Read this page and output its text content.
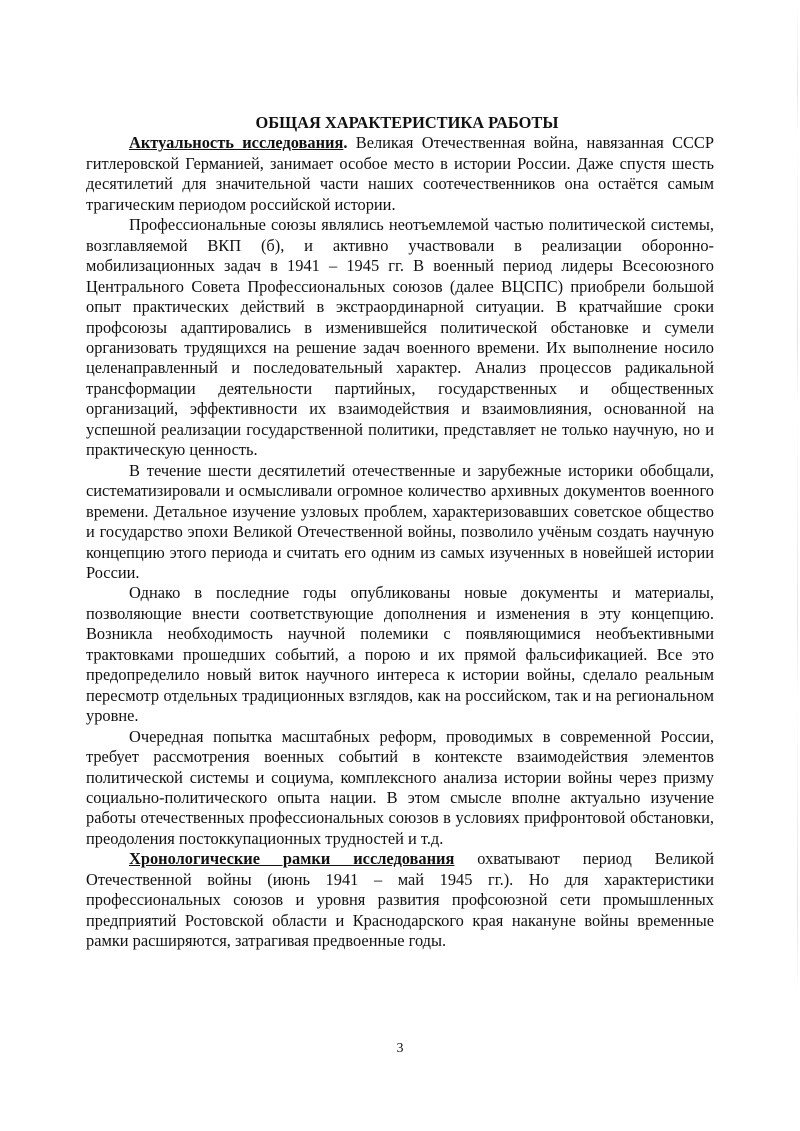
ОБЩАЯ ХАРАКТЕРИСТИКА РАБОТЫ

Актуальность исследования. Великая Отечественная война, навязанная СССР гитлеровской Германией, занимает особое место в истории России. Даже спустя шесть десятилетий для значительной части наших соотечественников она остаётся самым трагическим периодом российской истории.

Профессиональные союзы являлись неотъемлемой частью политической системы, возглавляемой ВКП (б), и активно участвовали в реализации оборонно-мобилизационных задач в 1941 – 1945 гг. В военный период лидеры Всесоюзного Центрального Совета Профессиональных союзов (далее ВЦСПС) приобрели большой опыт практических действий в экстраординарной ситуации. В кратчайшие сроки профсоюзы адаптировались в изменившейся политической обстановке и сумели организовать трудящихся на решение задач военного времени. Их выполнение носило целенаправленный и последовательный характер. Анализ процессов радикальной трансформации деятельности партийных, государственных и общественных организаций, эффективности их взаимодействия и взаимовлияния, основанной на успешной реализации государственной политики, представляет не только научную, но и практическую ценность.

В течение шести десятилетий отечественные и зарубежные историки обобщали, систематизировали и осмысливали огромное количество архивных документов военного времени. Детальное изучение узловых проблем, характеризовавших советское общество и государство эпохи Великой Отечественной войны, позволило учёным создать научную концепцию этого периода и считать его одним из самых изученных в новейшей истории России.

Однако в последние годы опубликованы новые документы и материалы, позволяющие внести соответствующие дополнения и изменения в эту концепцию. Возникла необходимость научной полемики с появляющимися необъективными трактовками прошедших событий, а порою и их прямой фальсификацией. Все это предопределило новый виток научного интереса к истории войны, сделало реальным пересмотр отдельных традиционных взглядов, как на российском, так и на региональном уровне.

Очередная попытка масштабных реформ, проводимых в современной России, требует рассмотрения военных событий в контексте взаимодействия элементов политической системы и социума, комплексного анализа истории войны через призму социально-политического опыта нации. В этом смысле вполне актуально изучение работы отечественных профессиональных союзов в условиях прифронтовой обстановки, преодоления постоккупационных трудностей и т.д.

Хронологические рамки исследования охватывают период Великой Отечественной войны (июнь 1941 – май 1945 гг.). Но для характеристики профессиональных союзов и уровня развития профсоюзной сети промышленных предприятий Ростовской области и Краснодарского края накануне войны временные рамки расширяются, затрагивая предвоенные годы.

3
